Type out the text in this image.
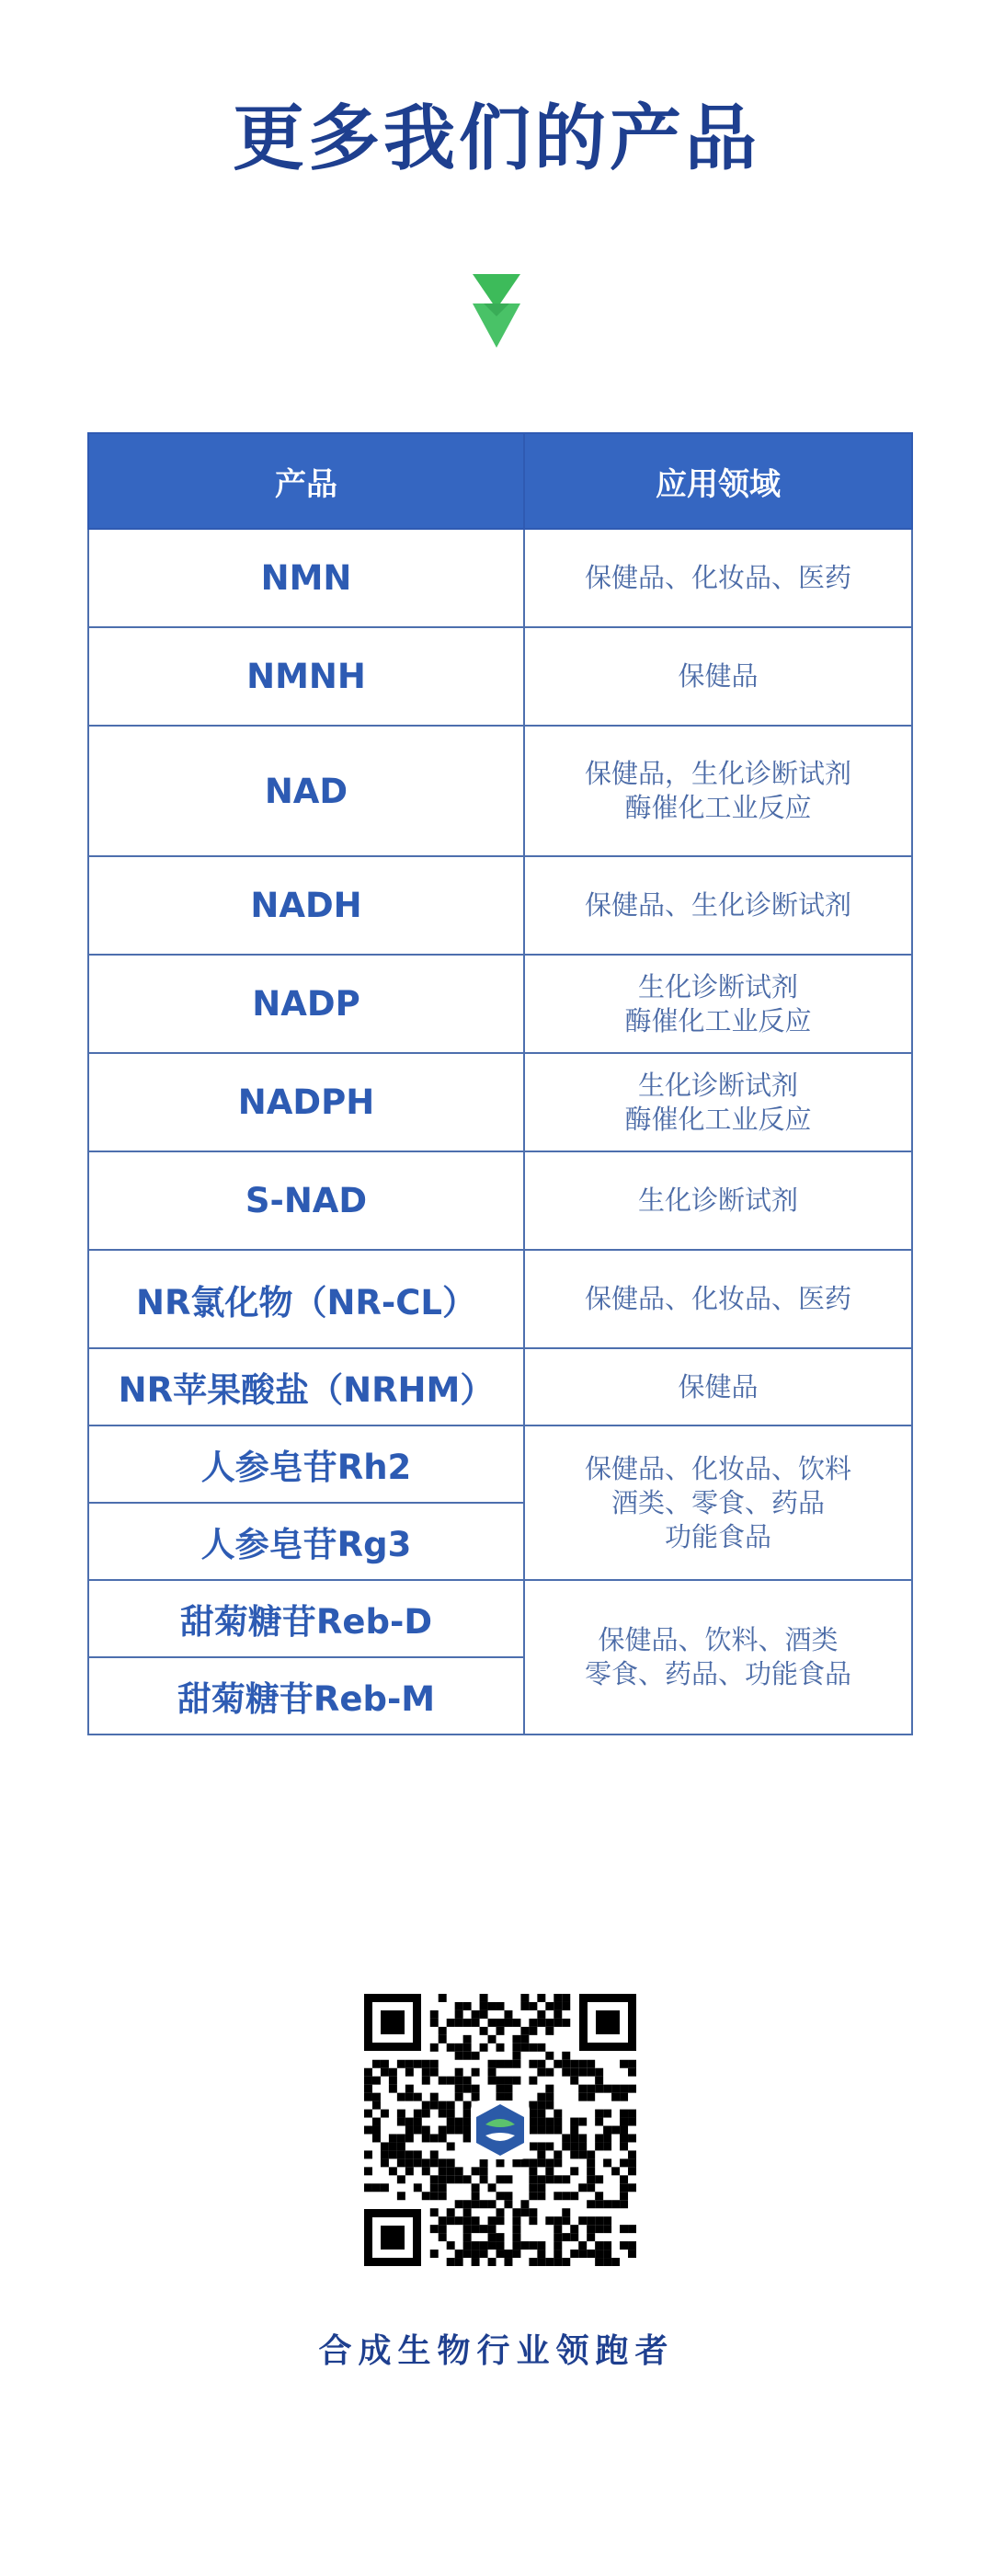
更多我们的产品
产品	应用领域
NMN	保健品、化妆品、医药

NMNH	保健品

NAD	保健品，生化诊断试剂
酶催化工业反应

NADH	保健品、生化诊断试剂

NADP	生化诊断试剂
酶催化工业反应

NADPH	生化诊断试剂
酶催化工业反应

S-NAD	生化诊断试剂

NR氯化物（NR-CL）	保健品、化妆品、医药

NR苹果酸盐（NRHM）	保健品

人参皂苷Rh2	保健品、化妆品、饮料
酒类、零食、药品
功能食品

人参皂苷Rg3	
甜菊糖苷Reb-D	保健品、饮料、酒类
零食、药品、功能食品

甜菊糖苷Reb-M	
合成生物行业领跑者
